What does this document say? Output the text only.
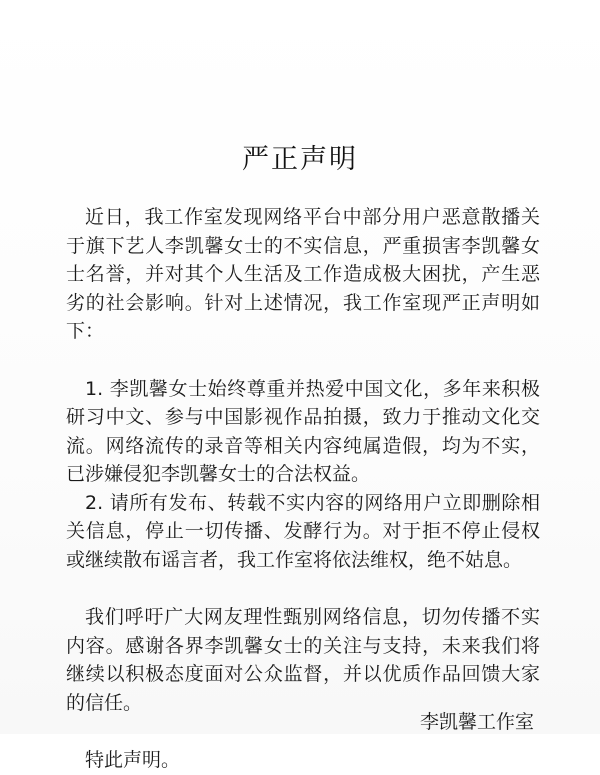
严正声明

近日，我工作室发现网络平台中部分用户恶意散播关于旗下艺人李凯馨女士的不实信息，严重损害李凯馨女士名誉，并对其个人生活及工作造成极大困扰，产生恶劣的社会影响。针对上述情况，我工作室现严正声明如下：

1. 李凯馨女士始终尊重并热爱中国文化，多年来积极研习中文、参与中国影视作品拍摄，致力于推动文化交流。网络流传的录音等相关内容纯属造假，均为不实，已涉嫌侵犯李凯馨女士的合法权益。

2. 请所有发布、转载不实内容的网络用户立即删除相关信息，停止一切传播、发酵行为。对于拒不停止侵权或继续散布谣言者，我工作室将依法维权，绝不姑息。

我们呼吁广大网友理性甄别网络信息，切勿传播不实内容。感谢各界李凯馨女士的关注与支持，未来我们将继续以积极态度面对公众监督，并以优质作品回馈大家的信任。

特此声明。

李凯馨工作室
